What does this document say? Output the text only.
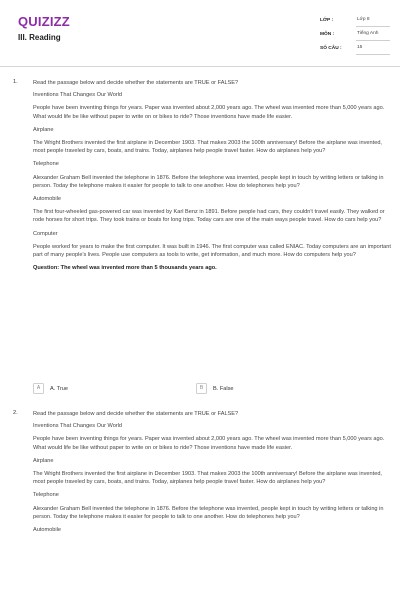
QUIZIZZ
III. Reading
LỚP :	Lớp 8
MÔN :	Tiếng Anh
SỐ CÂU :	15
1.	Read the passage below and decide whether the statements are TRUE or FALSE?

Inventions That Changes Our World

People have been inventing things for years. Paper was invented about 2,000 years ago. The wheel was invented more than 5,000 years ago. What would life be like without paper to write on or bikes to ride? Those inventions have made life easier.

Airplane

The Wright Brothers invented the first airplane in December 1903. That makes 2003 the 100th anniversary! Before the airplane was invented, most people traveled by cars, boats, and trains. Today, airplanes help people travel faster. How do airplanes help you?

Telephone

Alexander Graham Bell invented the telephone in 1876. Before the telephone was invented, people kept in touch by writing letters or talking in person. Today the telephone makes it easier for people to talk to one another. How do telephones help you?

Automobile

The first four-wheeled gas-powered car was invented by Karl Benz in 1891. Before people had cars, they couldn't travel easily. They walked or rode horses for short trips. They took trains or boats for long trips. Today cars are one of the main ways people travel. How do cars help you?

Computer

People worked for years to make the first computer. It was built in 1946. The first computer was called ENIAC. Today computers are an important part of many people's lives. People use computers as tools to write, get information, and much more. How do computers help you?

Question: The wheel was invented more than 5 thousands years ago.

A	A. True	B	B. False
2.	Read the passage below and decide whether the statements are TRUE or FALSE?

Inventions That Changes Our World

People have been inventing things for years. Paper was invented about 2,000 years ago. The wheel was invented more than 5,000 years ago. What would life be like without paper to write on or bikes to ride? Those inventions have made life easier.

Airplane

The Wright Brothers invented the first airplane in December 1903. That makes 2003 the 100th anniversary! Before the airplane was invented, most people traveled by cars, boats, and trains. Today, airplanes help people travel faster. How do airplanes help you?

Telephone

Alexander Graham Bell invented the telephone in 1876. Before the telephone was invented, people kept in touch by writing letters or talking in person. Today the telephone makes it easier for people to talk to one another. How do telephones help you?

Automobile
